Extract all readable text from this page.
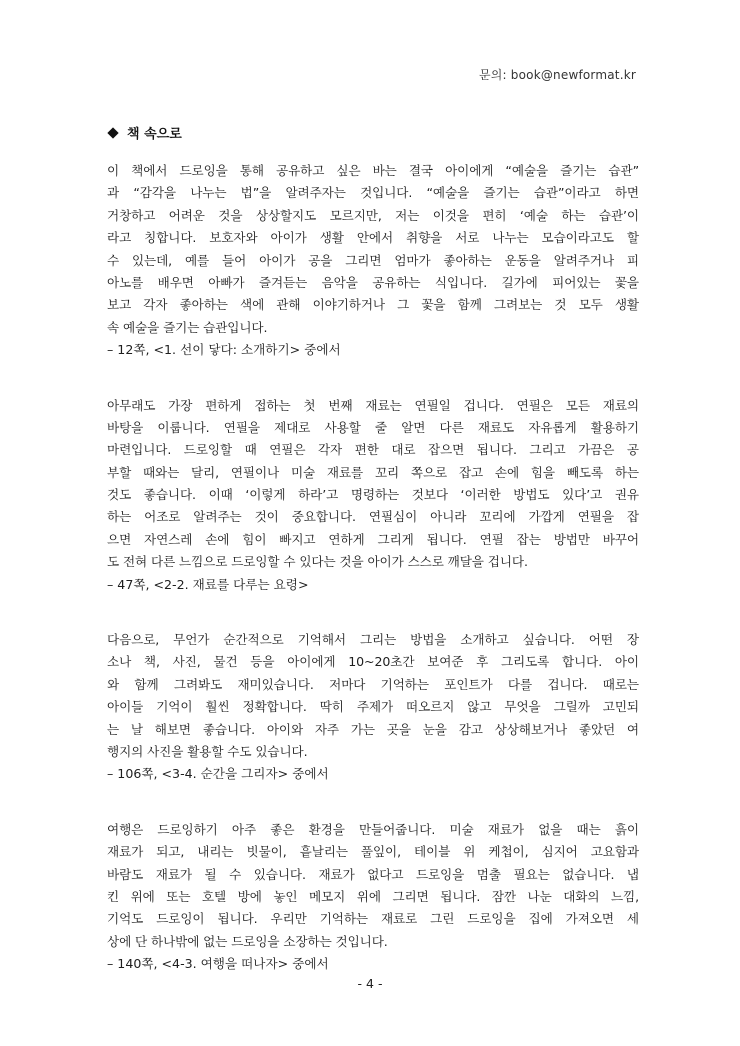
문의: book@newformat.kr
책 속으로
이 책에서 드로잉을 통해 공유하고 싶은 바는 결국 아이에게 “예술을 즐기는 습관”
과 “감각을 나누는 법”을 알려주자는 것입니다. “예술을 즐기는 습관”이라고 하면
거창하고 어려운 것을 상상할지도 모르지만, 저는 이것을 편히 ‘예술 하는 습관’이
라고 칭합니다. 보호자와 아이가 생활 안에서 취향을 서로 나누는 모습이라고도 할
수 있는데, 예를 들어 아이가 공을 그리면 엄마가 좋아하는 운동을 알려주거나 피
아노를 배우면 아빠가 즐겨듣는 음악을 공유하는 식입니다. 길가에 피어있는 꽃을
보고 각자 좋아하는 색에 관해 이야기하거나 그 꽃을 함께 그려보는 것 모두 생활
속 예술을 즐기는 습관입니다.
– 12쪽, <1. 선이 닿다: 소개하기> 중에서
아무래도 가장 편하게 접하는 첫 번째 재료는 연필일 겁니다. 연필은 모든 재료의
바탕을 이룹니다. 연필을 제대로 사용할 줄 알면 다른 재료도 자유롭게 활용하기
마련입니다. 드로잉할 때 연필은 각자 편한 대로 잡으면 됩니다. 그리고 가끔은 공
부할 때와는 달리, 연필이나 미술 재료를 꼬리 쪽으로 잡고 손에 힘을 빼도록 하는
것도 좋습니다. 이때 ‘이렇게 하라’고 명령하는 것보다 ‘이러한 방법도 있다’고 권유
하는 어조로 알려주는 것이 중요합니다. 연필심이 아니라 꼬리에 가깝게 연필을 잡
으면 자연스레 손에 힘이 빠지고 연하게 그리게 됩니다. 연필 잡는 방법만 바꾸어
도 전혀 다른 느낌으로 드로잉할 수 있다는 것을 아이가 스스로 깨달을 겁니다.
– 47쪽, <2-2. 재료를 다루는 요령>
다음으로, 무언가 순간적으로 기억해서 그리는 방법을 소개하고 싶습니다. 어떤 장
소나 책, 사진, 물건 등을 아이에게 10~20초간 보여준 후 그리도록 합니다. 아이
와 함께 그려봐도 재미있습니다. 저마다 기억하는 포인트가 다를 겁니다. 때로는
아이들 기억이 훨씬 정확합니다. 딱히 주제가 떠오르지 않고 무엇을 그릴까 고민되
는 날 해보면 좋습니다. 아이와 자주 가는 곳을 눈을 감고 상상해보거나 좋았던 여
행지의 사진을 활용할 수도 있습니다.
– 106쪽, <3-4. 순간을 그리자> 중에서
여행은 드로잉하기 아주 좋은 환경을 만들어줍니다. 미술 재료가 없을 때는 흙이
재료가 되고, 내리는 빗물이, 흩날리는 풀잎이, 테이블 위 케첩이, 심지어 고요함과
바람도 재료가 될 수 있습니다. 재료가 없다고 드로잉을 멈출 필요는 없습니다. 냅
킨 위에 또는 호텔 방에 놓인 메모지 위에 그리면 됩니다. 잠깐 나눈 대화의 느낌,
기억도 드로잉이 됩니다. 우리만 기억하는 재료로 그린 드로잉을 집에 가져오면 세
상에 단 하나밖에 없는 드로잉을 소장하는 것입니다.
– 140쪽, <4-3. 여행을 떠나자> 중에서
- 4 -
